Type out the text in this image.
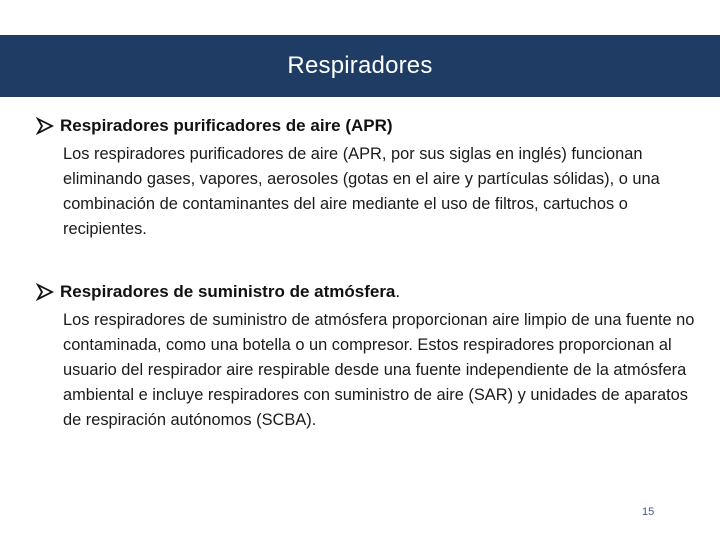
Respiradores
Respiradores purificadores de aire (APR)
Los respiradores purificadores de aire (APR, por sus siglas en inglés) funcionan eliminando gases, vapores, aerosoles (gotas en el aire y partículas sólidas), o una combinación de contaminantes del aire mediante el uso de filtros, cartuchos o recipientes.
Respiradores de suministro de atmósfera .
Los respiradores de suministro de atmósfera proporcionan aire limpio de una fuente no contaminada, como una botella o un compresor. Estos respiradores proporcionan al usuario del respirador aire respirable desde una fuente independiente de la atmósfera ambiental e incluye respiradores con suministro de aire (SAR) y unidades de aparatos de respiración autónomos (SCBA).
15
